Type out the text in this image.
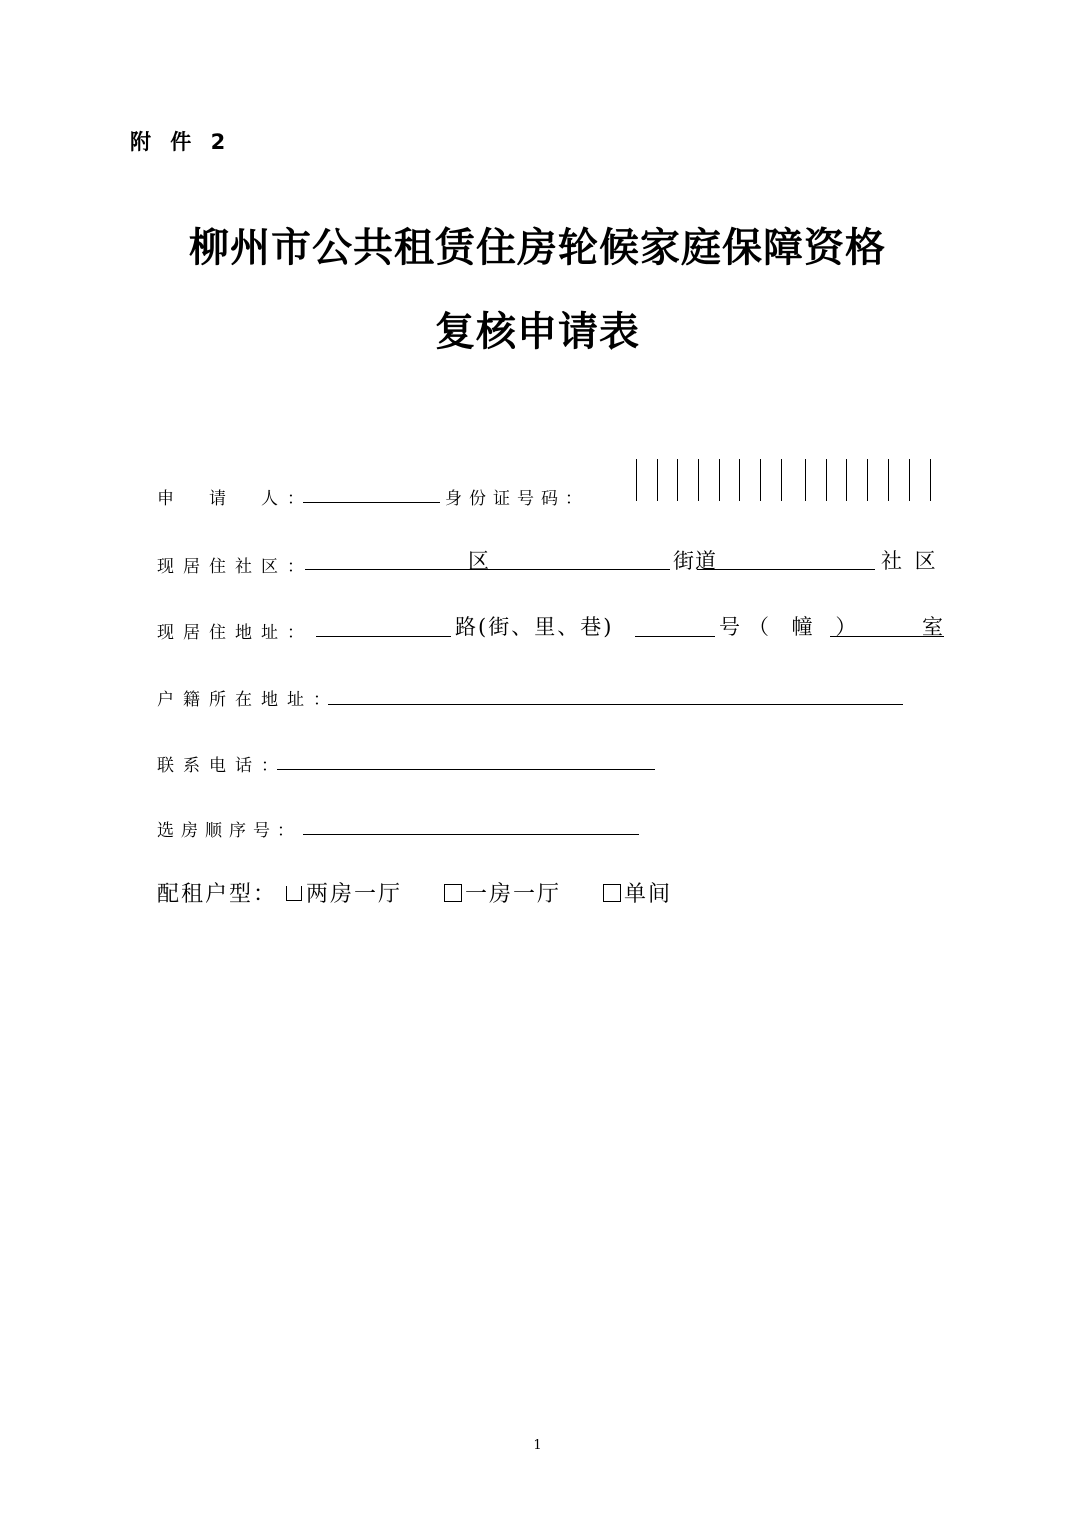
附 件 2
柳州市公共租赁住房轮候家庭保障资格
复核申请表
申　请　人：	身份证号码：
现居住社区：	区	街道	社 区
现居住地址：	路(街、里、巷)	号（ 幢 ）	室
户籍所在地址：
联系电话：
选房顺序号：
配租户型： 两房一厅	一房一厅	单间
1
